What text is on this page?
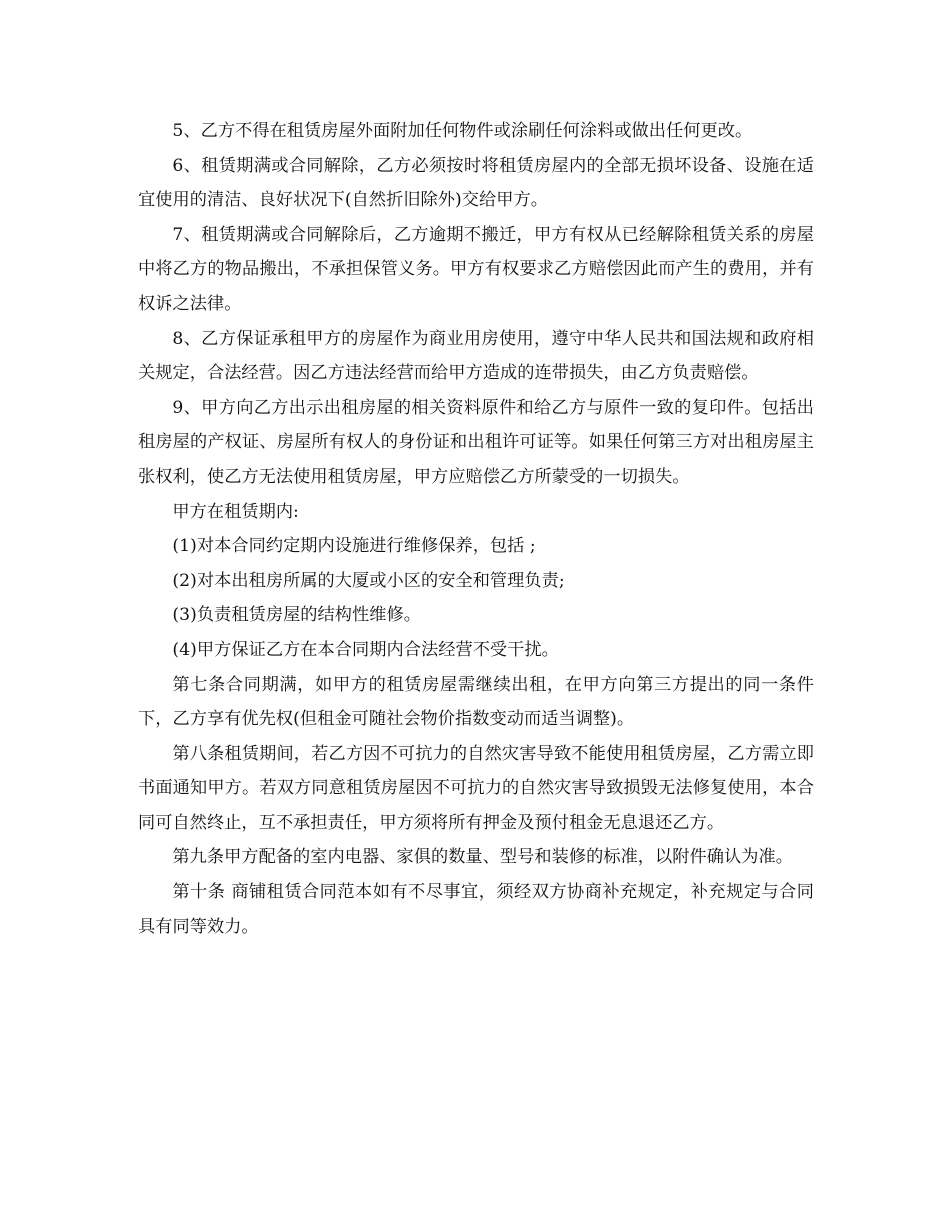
5、乙方不得在租赁房屋外面附加任何物件或涂刷任何涂料或做出任何更改。

6、租赁期满或合同解除，乙方必须按时将租赁房屋内的全部无损坏设备、设施在适宜使用的清洁、良好状况下(自然折旧除外)交给甲方。

7、租赁期满或合同解除后，乙方逾期不搬迁，甲方有权从已经解除租赁关系的房屋中将乙方的物品搬出，不承担保管义务。甲方有权要求乙方赔偿因此而产生的费用，并有权诉之法律。

8、乙方保证承租甲方的房屋作为商业用房使用，遵守中华人民共和国法规和政府相关规定，合法经营。因乙方违法经营而给甲方造成的连带损失，由乙方负责赔偿。

9、甲方向乙方出示出租房屋的相关资料原件和给乙方与原件一致的复印件。包括出租房屋的产权证、房屋所有权人的身份证和出租许可证等。如果任何第三方对出租房屋主张权利，使乙方无法使用租赁房屋，甲方应赔偿乙方所蒙受的一切损失。

甲方在租赁期内:

(1)对本合同约定期内设施进行维修保养，包括 ;

(2)对本出租房所属的大厦或小区的安全和管理负责;

(3)负责租赁房屋的结构性维修。

(4)甲方保证乙方在本合同期内合法经营不受干扰。

第七条合同期满，如甲方的租赁房屋需继续出租，在甲方向第三方提出的同一条件下，乙方享有优先权(但租金可随社会物价指数变动而适当调整)。

第八条租赁期间，若乙方因不可抗力的自然灾害导致不能使用租赁房屋，乙方需立即书面通知甲方。若双方同意租赁房屋因不可抗力的自然灾害导致损毁无法修复使用，本合同可自然终止，互不承担责任，甲方须将所有押金及预付租金无息退还乙方。

第九条甲方配备的室内电器、家俱的数量、型号和装修的标准，以附件确认为准。

第十条 商铺租赁合同范本如有不尽事宜，须经双方协商补充规定，补充规定与合同具有同等效力。
